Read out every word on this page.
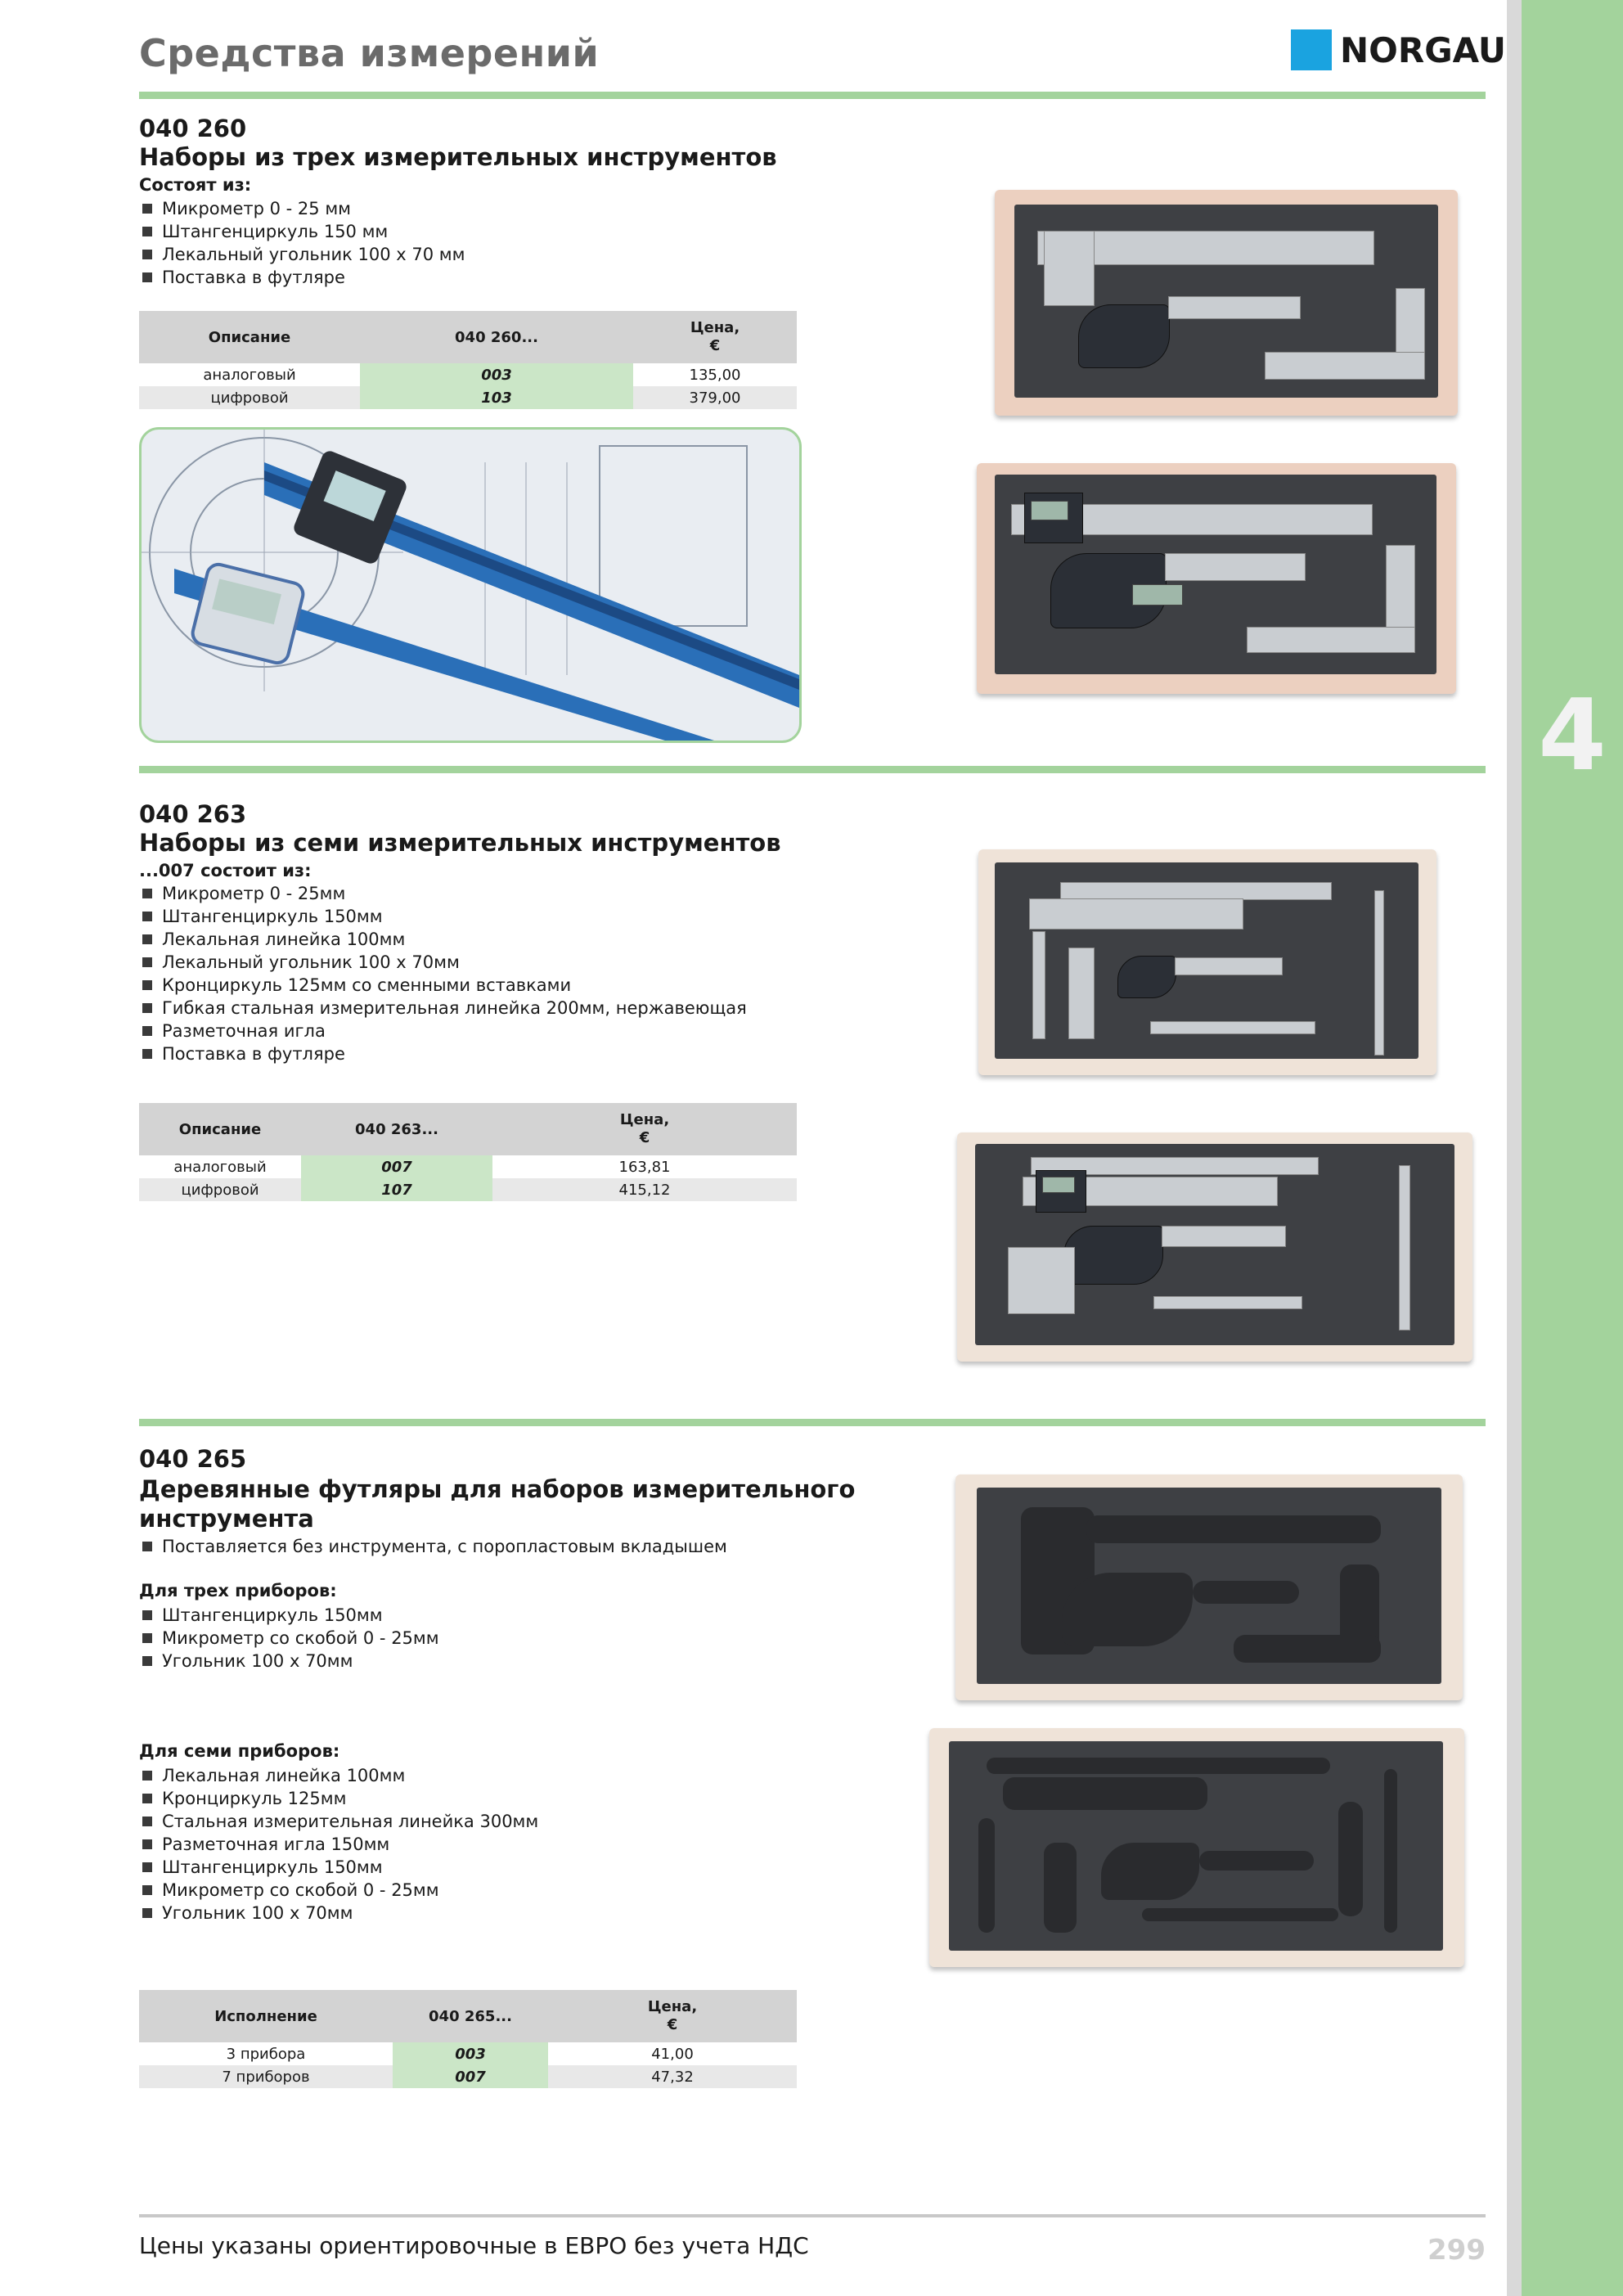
4
Средства измерений	NORGAU
040 260
Наборы из трех измерительных инструментов
Состоят из:
Микрометр 0 - 25 мм
Штангенциркуль 150 мм
Лекальный угольник 100 х 70 мм
Поставка в футляре
Описание	040 260...	Цена,
€
аналоговый	003	135,00
цифровой	103	379,00
040 263
Наборы из семи измерительных инструментов
...007 состоит из:
Микрометр 0 - 25мм
Штангенциркуль 150мм
Лекальная линейка 100мм
Лекальный угольник 100 х 70мм
Кронциркуль 125мм со сменными вставками
Гибкая стальная измерительная линейка 200мм, нержавеющая
Разметочная игла
Поставка в футляре
Описание	040 263...	Цена,
€
аналоговый	007	163,81
цифровой	107	415,12
040 265
Деревянные футляры для наборов измерительного
инструмента
Поставляется без инструмента, с поропластовым вкладышем
Для трех приборов:
Штангенциркуль 150мм
Микрометр со скобой 0 - 25мм
Угольник 100 х 70мм
Для семи приборов:
Лекальная линейка 100мм
Кронциркуль 125мм
Стальная измерительная линейка 300мм
Разметочная игла 150мм
Штангенциркуль 150мм
Микрометр со скобой 0 - 25мм
Угольник 100 х 70мм
Исполнение	040 265...	Цена,
€
3 прибора	003	41,00
7 приборов	007	47,32
Цены указаны ориентировочные в ЕВРО без учета НДС	299
